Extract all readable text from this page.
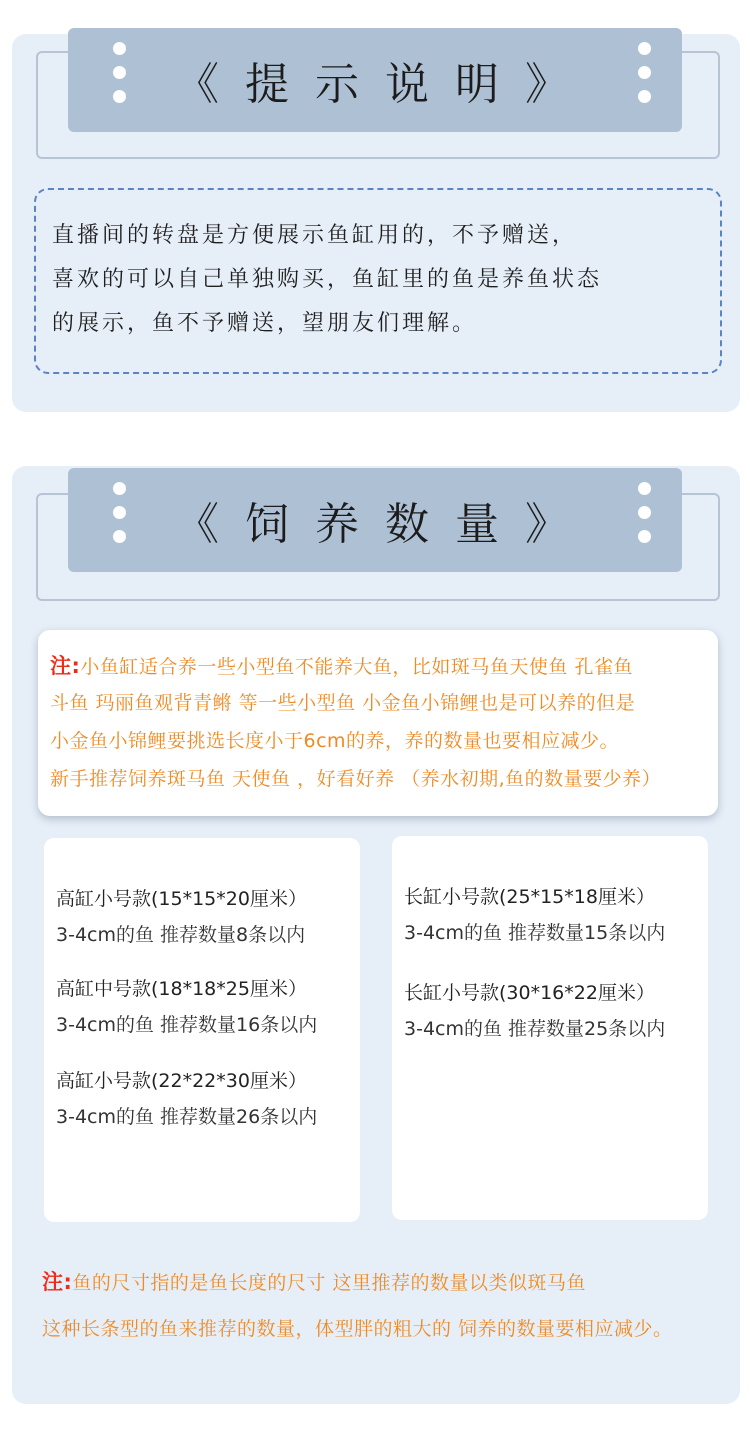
《 提 示 说 明 》

直播间的转盘是方便展示鱼缸用的，不予赠送，

喜欢的可以自己单独购买，鱼缸里的鱼是养鱼状态

的展示，鱼不予赠送，望朋友们理解。

《 饲 养 数 量 》

注:小鱼缸适合养一些小型鱼不能养大鱼，比如斑马鱼天使鱼 孔雀鱼

斗鱼 玛丽鱼观背青鳉 等一些小型鱼 小金鱼小锦鲤也是可以养的但是

小金鱼小锦鲤要挑选长度小于6cm的养，养的数量也要相应减少。

新手推荐饲养斑马鱼 天使鱼 ，好看好养 （养水初期,鱼的数量要少养）

高缸小号款(15*15*20厘米）

3-4cm的鱼 推荐数量8条以内

高缸中号款(18*18*25厘米）

3-4cm的鱼 推荐数量16条以内

高缸小号款(22*22*30厘米）

3-4cm的鱼 推荐数量26条以内

长缸小号款(25*15*18厘米）

3-4cm的鱼 推荐数量15条以内

长缸小号款(30*16*22厘米）

3-4cm的鱼 推荐数量25条以内

注:鱼的尺寸指的是鱼长度的尺寸 这里推荐的数量以类似斑马鱼

这种长条型的鱼来推荐的数量，体型胖的粗大的 饲养的数量要相应减少。
